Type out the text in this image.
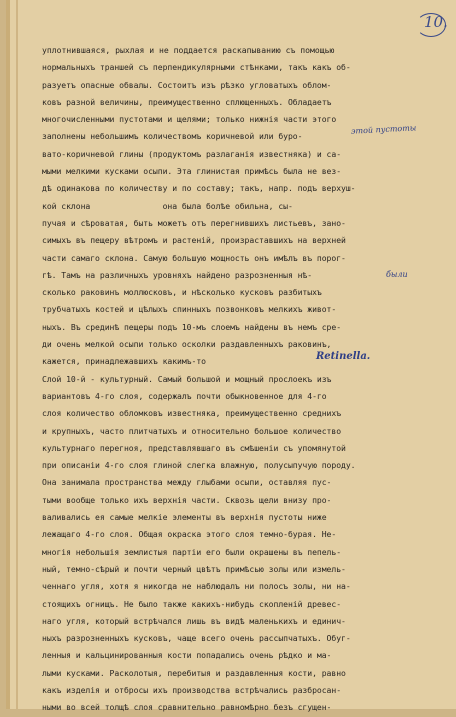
10.
уплотнившаяся, рыхлая и не поддается раскапыванию съ помощью
нормальныхъ траншей съ перпендикулярными стѣнками, такъ какъ об-
разуетъ опасные обвалы. Состоитъ изъ рѣзко угловатыхъ облом-
ковъ разной величины, преимущественно сплющенныхъ. Обладаетъ
многочисленными пустотами и щелями; только нижнія части этого
заполнены небольшимъ количествомъ коричневой или буро-
вато-коричневой глины (продуктомъ разлаганія известняка) и са-
мыми мелкими кусками осыпи. Эта глинистая примѣсь была не вез-
дѣ одинакова по количеству и по составу; такъ, напр. подъ верхуш-
кой склона               она была болѣе обильна, сы-
пучая и сѣроватая, быть можетъ отъ перегнившихъ листьевъ, зано-
симыхъ въ пещеру вѣтромъ и растеній, произраставшихъ на верхней
части самаго склона. Самую большую мощность онъ имѣлъ въ порог-
гѣ. Тамъ на различныхъ уровняхъ найдено разрозненныя нѣ-
сколько раковинъ моллюсковъ, и нѣсколько кусковъ разбитыхъ
трубчатыхъ костей и цѣлыхъ спинныхъ позвонковъ мелкихъ живот-
ныхъ. Въ срединѣ пещеры подъ 10-мъ слоемъ найдены въ немъ сре-
ди очень мелкой осыпи только осколки раздавленныхъ раковинъ,
кажется, принадлежавшихъ какимъ-то
Слой 10-й - культурный. Самый большой и мощный прослоекъ изъ
вариантовъ 4-го слоя, содержалъ почти обыкновенное для 4-го
слоя количество обломковъ известняка, преимущественно среднихъ
и крупныхъ, часто плитчатыхъ и относительно большое количество
культурнаго перегноя, представлявшаго въ смѣшеніи съ упомянутой
при описаніи 4-го слоя глиной слегка влажную, полусыпучую породу.
Она занимала пространства между глыбами осыпи, оставляя пус-
тыми вообще только ихъ верхнія части. Сквозь щели внизу про-
валивались ея самые мелкіе элементы въ верхнія пустоты ниже
лежащаго 4-го слоя. Общая окраска этого слоя темно-бурая. Не-
многія небольшія землистыя партіи его были окрашены въ пепель-
ный, темно-сѣрый и почти черный цвѣтъ примѣсью золы или измель-
ченнаго угля, хотя я никогда не наблюдалъ ни полосъ золы, ни на-
стоящихъ огнищъ. Не было также какихъ-нибудь скопленій древес-
наго угля, который встрѣчался лишь въ видѣ маленькихъ и единич-
ныхъ разрозненныхъ кусковъ, чаще всего очень рассыпчатыхъ. Обуг-
ленныя и кальцинированныя кости попадались очень рѣдко и ма-
лыми кусками. Расколотыя, перебитыя и раздавленныя кости, равно
какъ изделія и отбросы ихъ производства встрѣчались разбросан-
ными во всей толщѣ слоя сравнительно равномѣрно безъ сгущен-
этой пустоты
были
Retinella.
